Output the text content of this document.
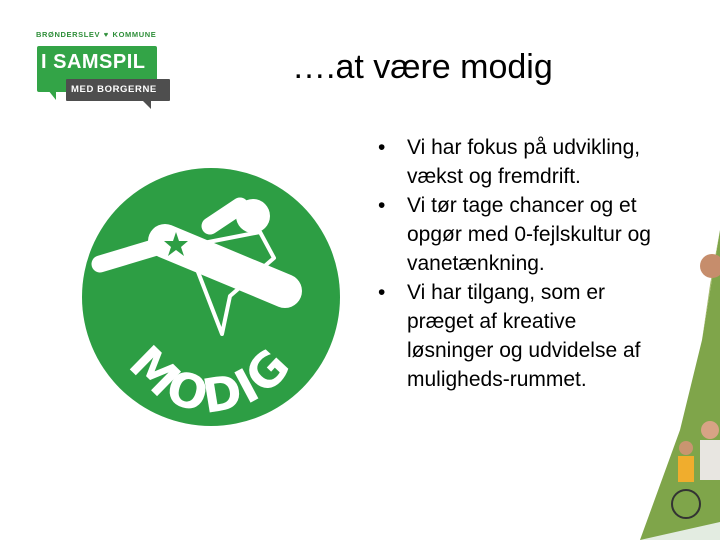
BRØNDERSLEV ♥ KOMMUNE
I SAMSPIL
MED BORGERNE
….at være modig
MODIG
• Vi har fokus på udvikling, vækst og fremdrift.
• Vi tør tage chancer og et opgør med 0-fejlskultur og vanetænkning.
• Vi har tilgang, som er præget af kreative løsninger og udvidelse af muligheds-rummet.
